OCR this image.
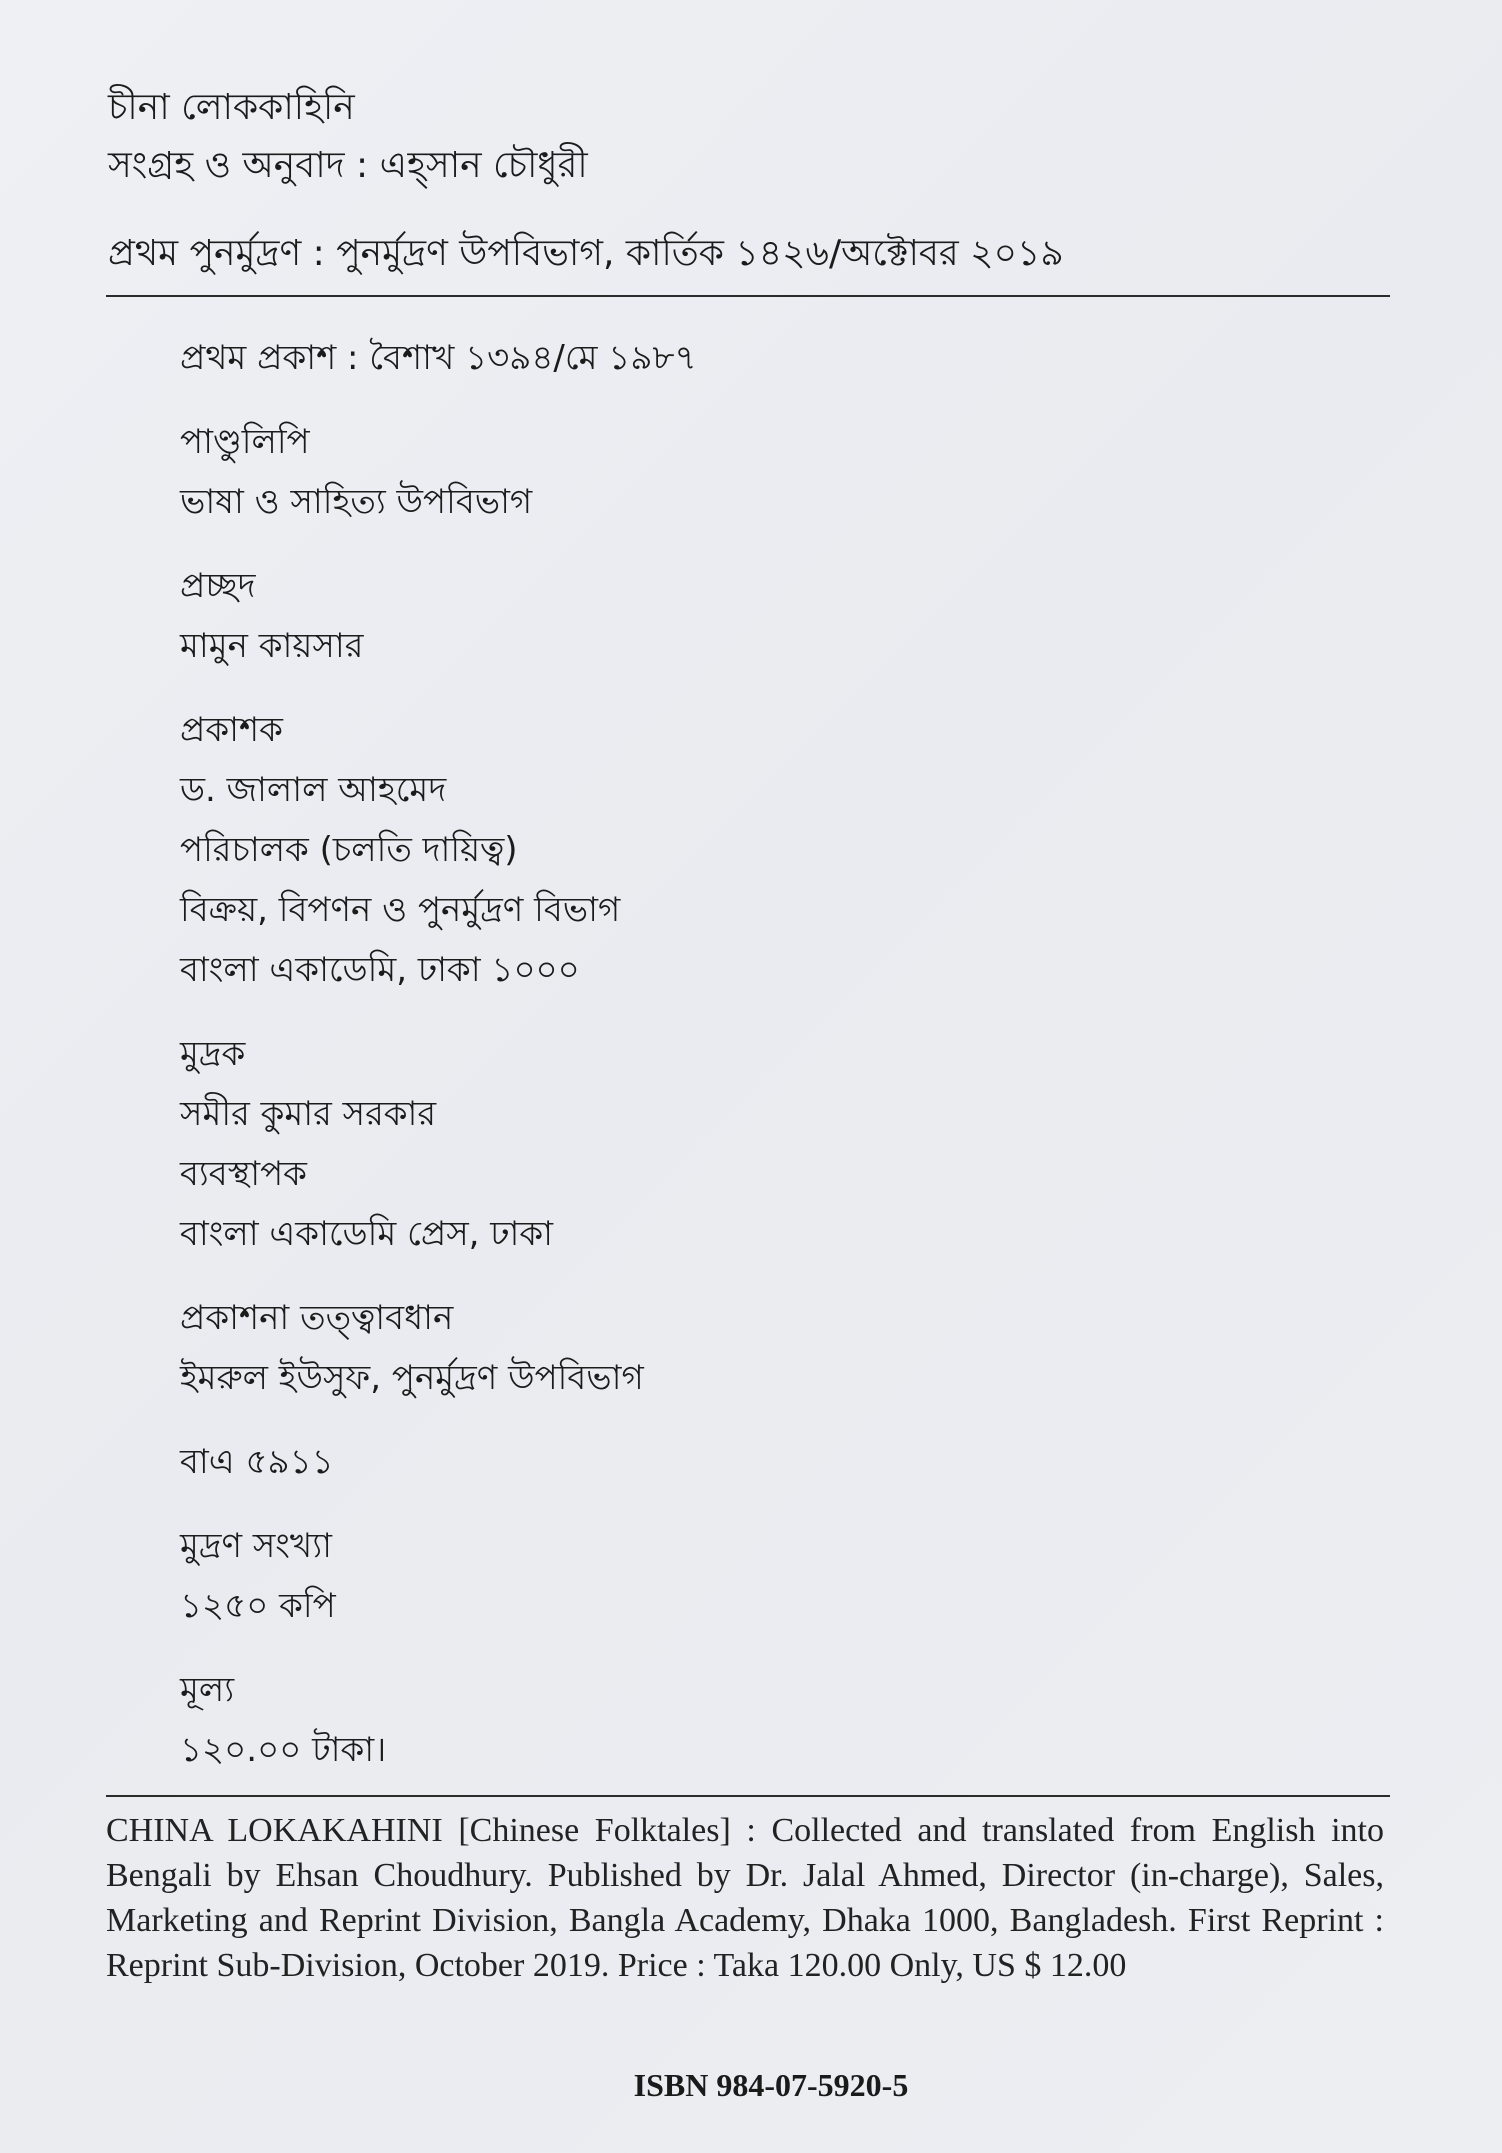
চীনা লোককাহিনি

সংগ্রহ ও অনুবাদ : এহ্‌সান চৌধুরী

প্রথম পুনর্মুদ্রণ : পুনর্মুদ্রণ উপবিভাগ, কার্তিক ১৪২৬/অক্টোবর ২০১৯

প্রথম প্রকাশ : বৈশাখ ১৩৯৪/মে ১৯৮৭
পাণ্ডুলিপি
ভাষা ও সাহিত্য উপবিভাগ
প্রচ্ছদ
মামুন কায়সার
প্রকাশক
ড. জালাল আহমেদ
পরিচালক (চলতি দায়িত্ব)
বিক্রয়, বিপণন ও পুনর্মুদ্রণ বিভাগ
বাংলা একাডেমি, ঢাকা ১০০০
মুদ্রক
সমীর কুমার সরকার
ব্যবস্থাপক
বাংলা একাডেমি প্রেস, ঢাকা
প্রকাশনা তত্ত্বাবধান
ইমরুল ইউসুফ, পুনর্মুদ্রণ উপবিভাগ
বাএ ৫৯১১
মুদ্রণ সংখ্যা
১২৫০ কপি
মূল্য
১২০.০০ টাকা।
CHINA LOKAKAHINI [Chinese Folktales] : Collected and translated from English into Bengali by Ehsan Choudhury. Published by Dr. Jalal Ahmed, Director (in-charge), Sales, Marketing and Reprint Division, Bangla Academy, Dhaka 1000, Bangladesh. First Reprint : Reprint Sub-Division, October 2019. Price : Taka 120.00 Only, US $ 12.00
ISBN 984-07-5920-5
